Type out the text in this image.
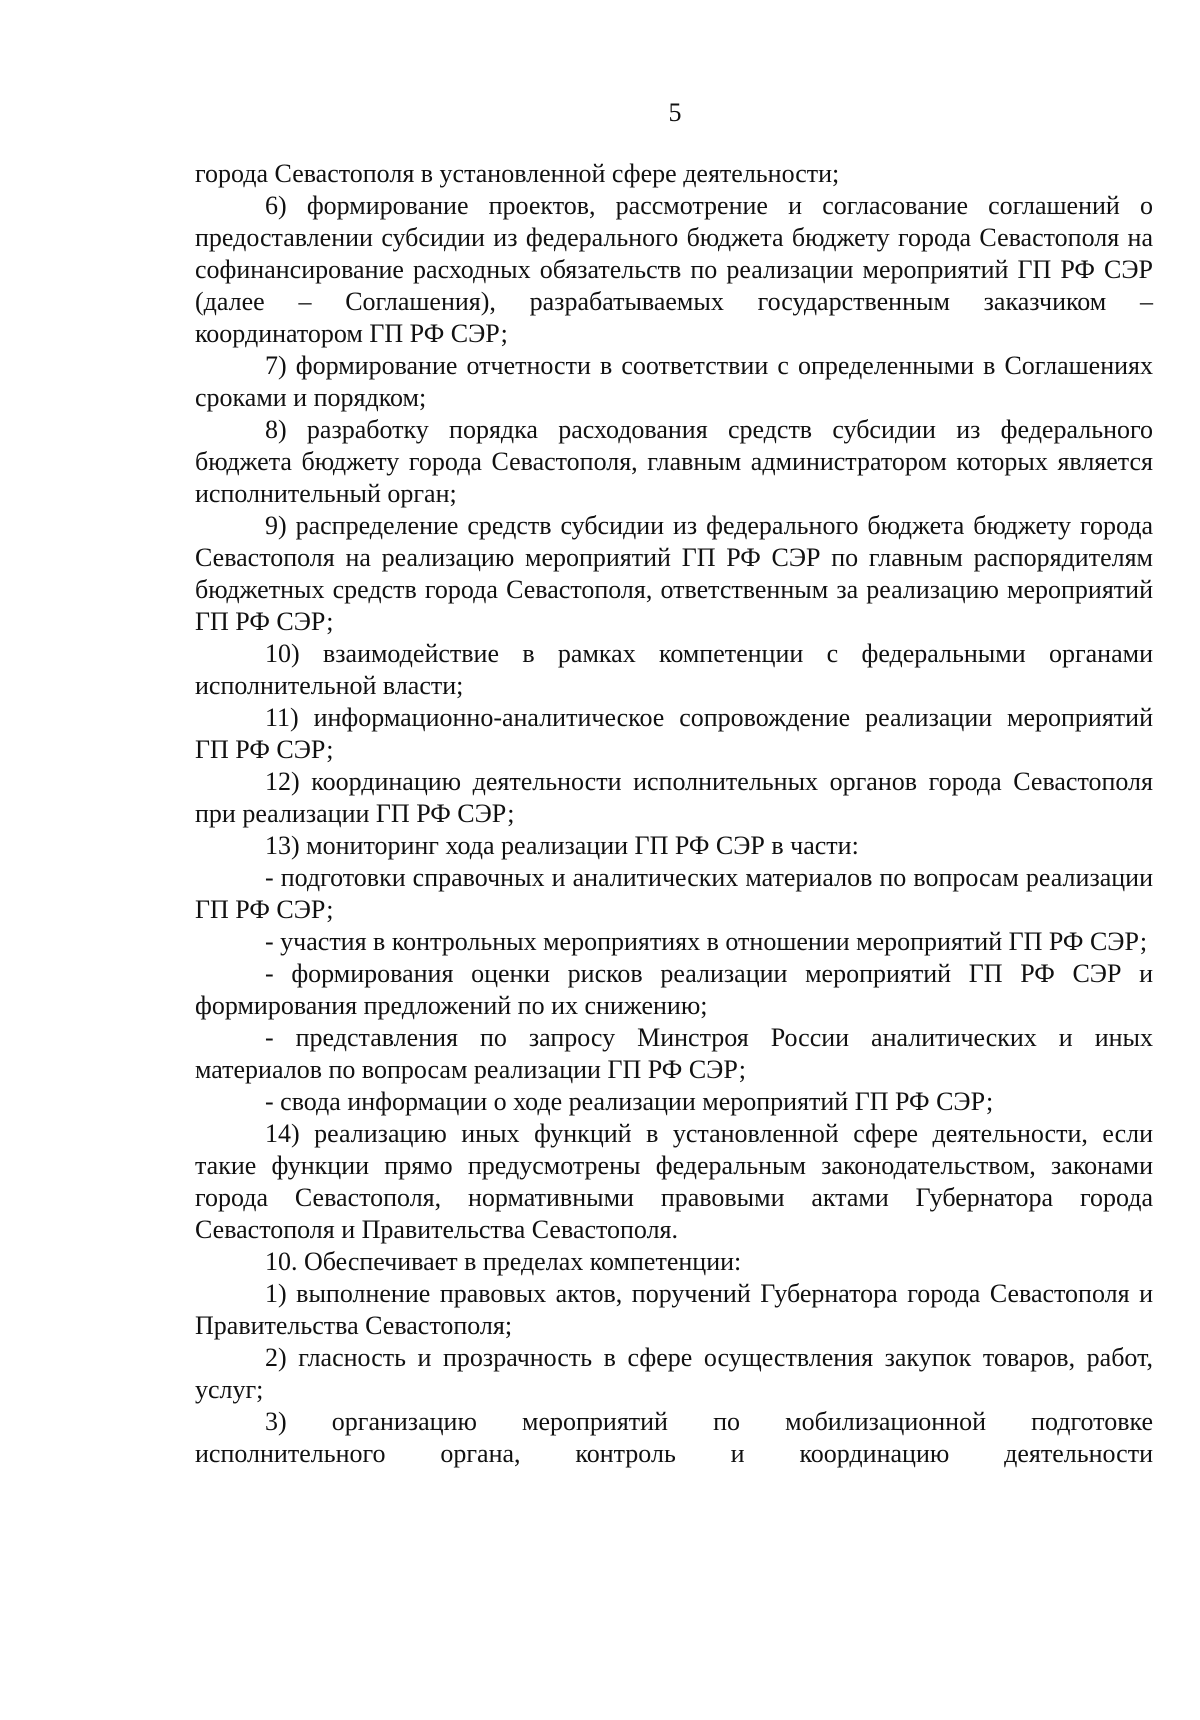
5

города Севастополя в установленной сфере деятельности;

6) формирование проектов, рассмотрение и согласование соглашений о предоставлении субсидии из федерального бюджета бюджету города Севастополя на софинансирование расходных обязательств по реализации мероприятий ГП РФ СЭР (далее – Соглашения), разрабатываемых государственным заказчиком – координатором ГП РФ СЭР;

7) формирование отчетности в соответствии с определенными в Соглашениях сроками и порядком;

8) разработку порядка расходования средств субсидии из федерального бюджета бюджету города Севастополя, главным администратором которых является исполнительный орган;

9) распределение средств субсидии из федерального бюджета бюджету города Севастополя на реализацию мероприятий ГП РФ СЭР по главным распорядителям бюджетных средств города Севастополя, ответственным за реализацию мероприятий ГП РФ СЭР;

10) взаимодействие в рамках компетенции с федеральными органами исполнительной власти;

11) информационно-аналитическое сопровождение реализации мероприятий ГП РФ СЭР;

12) координацию деятельности исполнительных органов города Севастополя при реализации ГП РФ СЭР;

13) мониторинг хода реализации ГП РФ СЭР в части:

- подготовки справочных и аналитических материалов по вопросам реализации ГП РФ СЭР;

- участия в контрольных мероприятиях в отношении мероприятий ГП РФ СЭР;

- формирования оценки рисков реализации мероприятий ГП РФ СЭР и формирования предложений по их снижению;

- представления по запросу Минстроя России аналитических и иных материалов по вопросам реализации ГП РФ СЭР;

- свода информации о ходе реализации мероприятий ГП РФ СЭР;

14) реализацию иных функций в установленной сфере деятельности, если такие функции прямо предусмотрены федеральным законодательством, законами города Севастополя, нормативными правовыми актами Губернатора города Севастополя и Правительства Севастополя.

10. Обеспечивает в пределах компетенции:

1) выполнение правовых актов, поручений Губернатора города Севастополя и Правительства Севастополя;

2) гласность и прозрачность в сфере осуществления закупок товаров, работ, услуг;

3) организацию мероприятий по мобилизационной подготовке исполнительного органа, контроль и координацию деятельности
